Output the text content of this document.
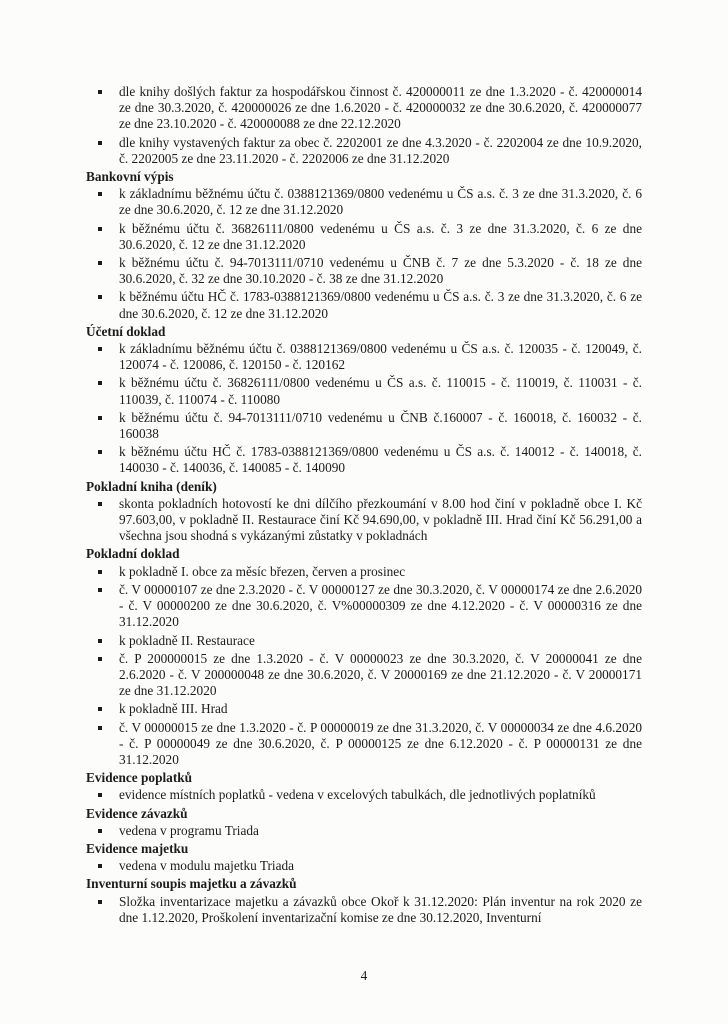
dle knihy došlých faktur za hospodářskou činnost č. 420000011 ze dne 1.3.2020 - č. 420000014 ze dne 30.3.2020, č. 420000026 ze dne 1.6.2020 - č. 420000032 ze dne 30.6.2020, č. 420000077 ze dne 23.10.2020 - č. 420000088 ze dne 22.12.2020
dle knihy vystavených faktur za obec č. 2202001 ze dne 4.3.2020 - č. 2202004 ze dne 10.9.2020, č. 2202005 ze dne 23.11.2020 - č. 2202006 ze dne 31.12.2020
Bankovní výpis
k základnímu běžnému účtu č. 0388121369/0800 vedenému u ČS a.s. č. 3 ze dne 31.3.2020, č. 6 ze dne 30.6.2020, č. 12 ze dne 31.12.2020
k běžnému účtu č. 36826111/0800 vedenému u ČS a.s. č. 3 ze dne 31.3.2020, č. 6 ze dne 30.6.2020, č. 12 ze dne 31.12.2020
k běžnému účtu č. 94-7013111/0710 vedenému u ČNB č. 7 ze dne 5.3.2020 - č. 18 ze dne 30.6.2020, č. 32 ze dne 30.10.2020 - č. 38 ze dne 31.12.2020
k běžnému účtu HČ č. 1783-0388121369/0800 vedenému u ČS a.s. č. 3 ze dne 31.3.2020, č. 6 ze dne 30.6.2020, č. 12 ze dne 31.12.2020
Účetní doklad
k základnímu běžnému účtu č. 0388121369/0800 vedenému u ČS a.s. č. 120035 - č. 120049, č. 120074 - č. 120086, č. 120150 - č. 120162
k běžnému účtu č. 36826111/0800 vedenému u ČS a.s. č. 110015 - č. 110019, č. 110031 - č. 110039, č. 110074 - č. 110080
k běžnému účtu č. 94-7013111/0710 vedenému u ČNB č.160007 - č. 160018, č. 160032 - č. 160038
k běžnému účtu HČ č. 1783-0388121369/0800 vedenému u ČS a.s. č. 140012 - č. 140018, č. 140030 - č. 140036, č. 140085 - č. 140090
Pokladní kniha (deník)
skonta pokladních hotovostí ke dni dílčího přezkoumání v 8.00 hod činí v pokladně obce I. Kč 97.603,00, v pokladně II. Restaurace činí Kč 94.690,00, v pokladně III. Hrad činí Kč 56.291,00 a všechna jsou shodná s vykázanými zůstatky v pokladnách
Pokladní doklad
k pokladně I. obce za měsíc březen, červen a prosinec
č. V 00000107 ze dne 2.3.2020 - č. V 00000127 ze dne 30.3.2020, č. V 00000174 ze dne 2.6.2020 - č. V 00000200 ze dne 30.6.2020, č. V%00000309 ze dne 4.12.2020 - č. V 00000316 ze dne 31.12.2020
k pokladně II. Restaurace
č. P 200000015 ze dne 1.3.2020 - č. V 00000023 ze dne 30.3.2020, č. V 20000041 ze dne 2.6.2020 - č. V 200000048 ze dne 30.6.2020, č. V 20000169 ze dne 21.12.2020 - č. V 20000171 ze dne 31.12.2020
k pokladně III. Hrad
č. V 00000015 ze dne 1.3.2020 - č. P 00000019 ze dne 31.3.2020, č. V 00000034 ze dne 4.6.2020 - č. P 00000049 ze dne 30.6.2020, č. P 00000125 ze dne 6.12.2020 - č. P 00000131 ze dne 31.12.2020
Evidence poplatků
evidence místních poplatků - vedena v excelových tabulkách, dle jednotlivých poplatníků
Evidence závazků
vedena v programu Triada
Evidence majetku
vedena v modulu majetku Triada
Inventurní soupis majetku a závazků
Složka inventarizace majetku a závazků obce Okoř k 31.12.2020: Plán inventur na rok 2020 ze dne 1.12.2020, Proškolení inventarizační komise ze dne 30.12.2020, Inventurní
4
